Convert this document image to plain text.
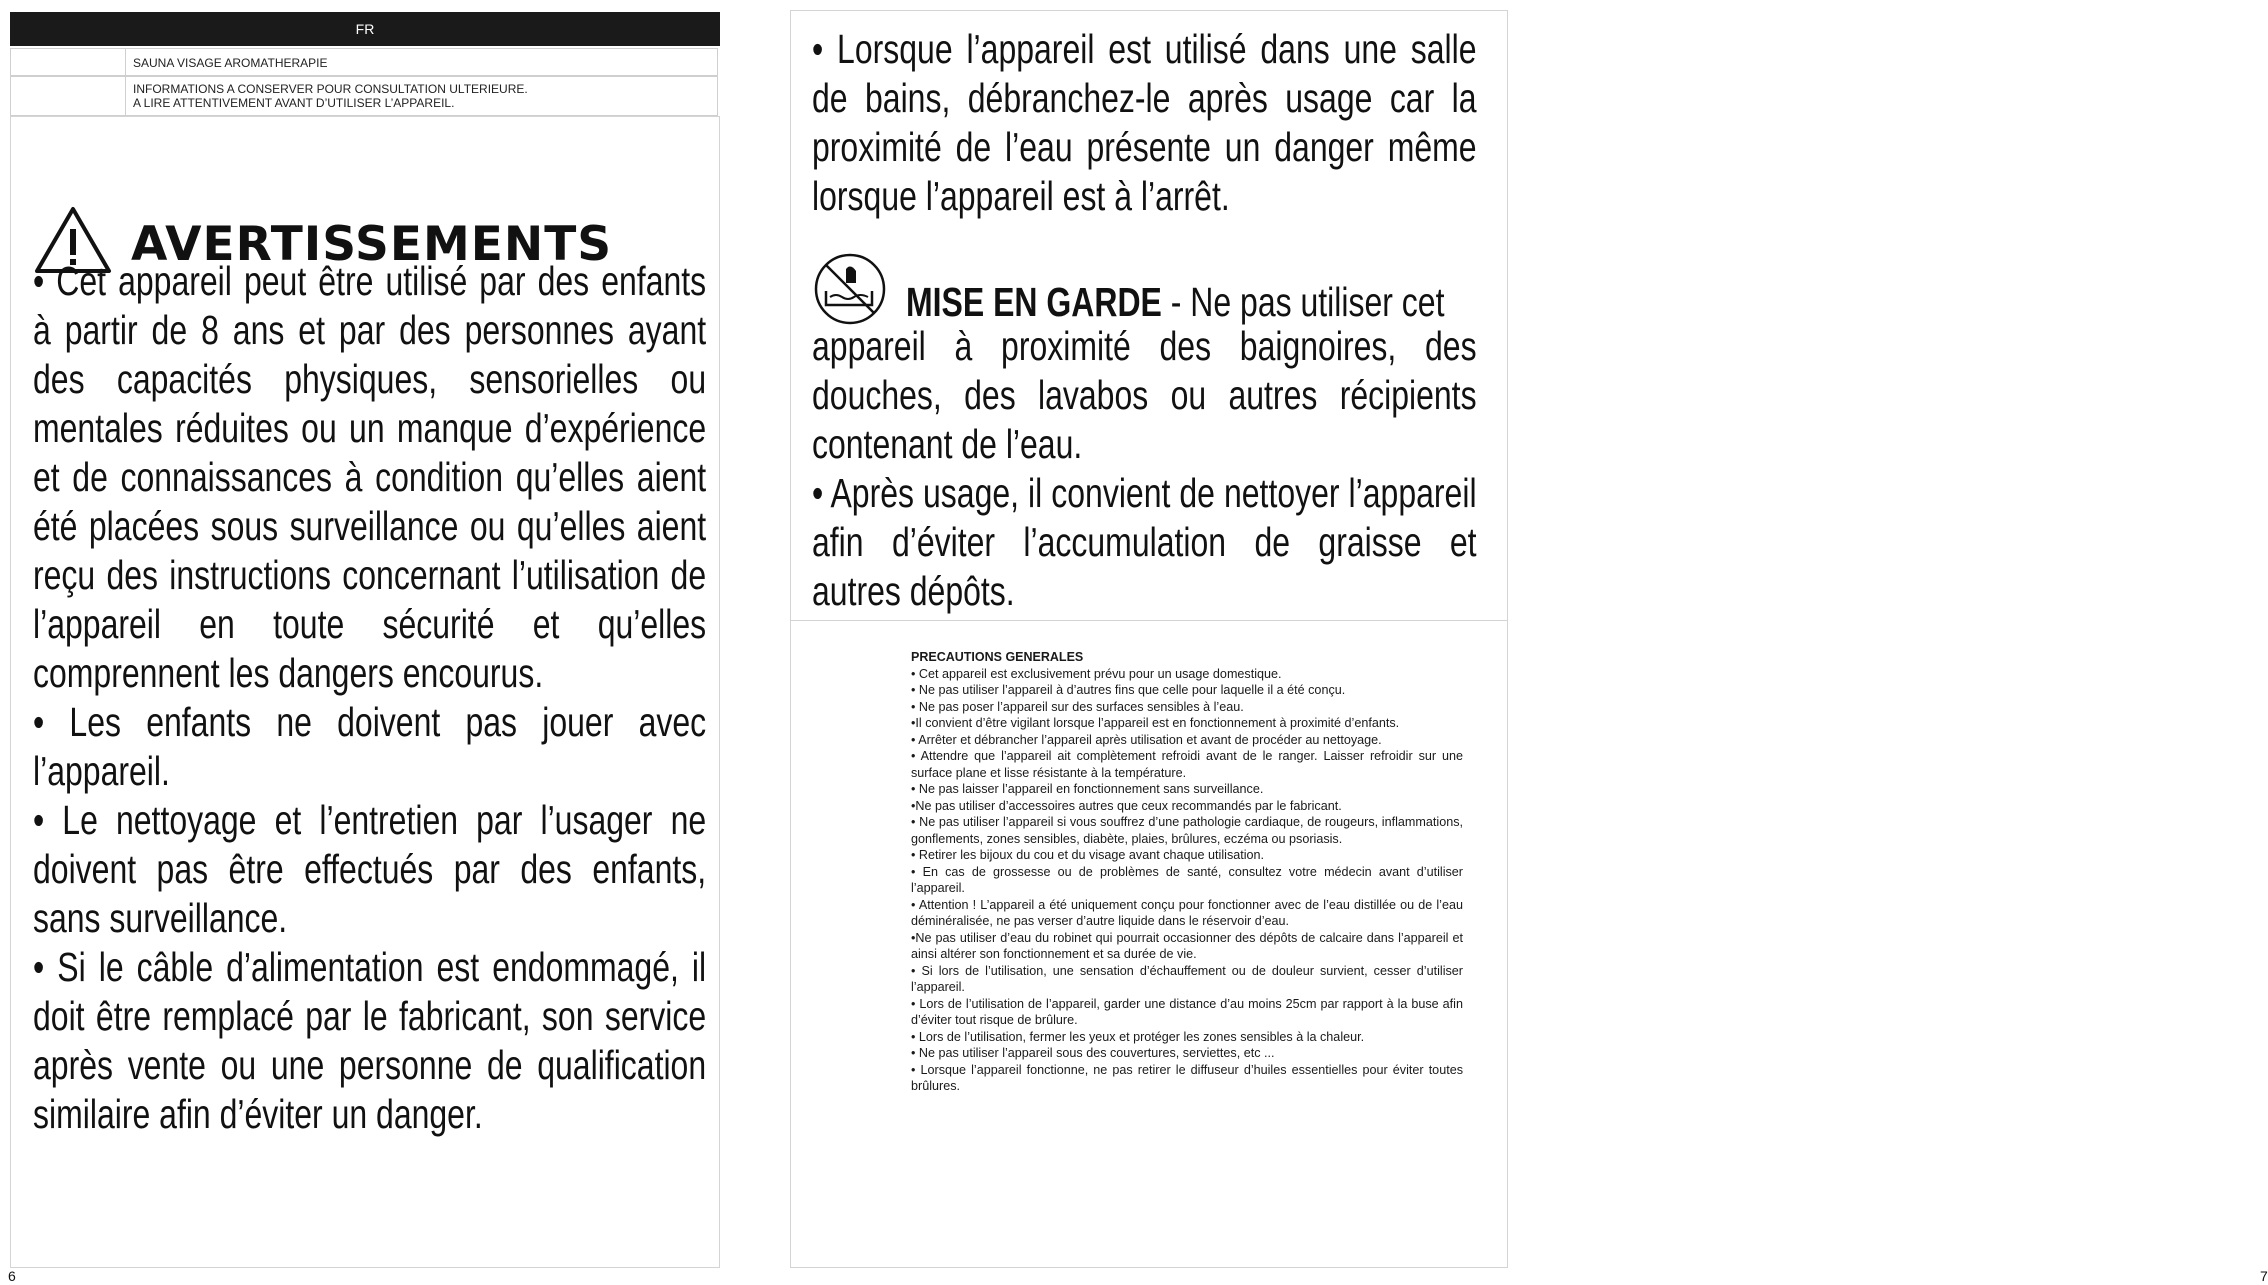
FR
SAUNA VISAGE AROMATHERAPIE
INFORMATIONS A CONSERVER POUR CONSULTATION ULTERIEURE.
A LIRE ATTENTIVEMENT AVANT D’UTILISER L’APPAREIL.
AVERTISSEMENTS

• Cet appareil peut être utilisé par des enfants à partir de 8 ans et par des personnes ayant des capacités physiques, sensorielles ou mentales réduites ou un manque d’expérience et de connaissances à condition qu’elles aient été placées sous surveillance ou qu’elles aient reçu des instructions concernant l’utilisation de l’appareil en toute sécurité et qu’elles comprennent les dangers encourus.

• Les enfants ne doivent pas jouer avec l’appareil.

• Le nettoyage et l’entretien par l’usager ne doivent pas être effectués par des enfants, sans surveillance.

• Si le câble d’alimentation est endommagé, il doit être remplacé par le fabricant, son service après vente ou une personne de qualification similaire afin d’éviter un danger.

6

• Lorsque l’appareil est utilisé dans une salle de bains, débranchez-le après usage car la proximité de l’eau présente un danger même lorsque l’appareil est à l’arrêt.

MISE EN GARDE - Ne pas utiliser cet

appareil à proximité des baignoires, des douches, des lavabos ou autres récipients contenant de l’eau.

• Après usage, il convient de nettoyer l’appareil afin d’éviter l’accumulation de graisse et autres dépôts.

PRECAUTIONS GENERALES
• Cet appareil est exclusivement prévu pour un usage domestique.
• Ne pas utiliser l’appareil à d’autres fins que celle pour laquelle il a été conçu.
• Ne pas poser l’appareil sur des surfaces sensibles à l’eau.
•Il convient d’être vigilant lorsque l’appareil est en fonctionnement à proximité d’enfants.
• Arrêter et débrancher l’appareil après utilisation et avant de procéder au nettoyage.
• Attendre que l’appareil ait complètement refroidi avant de le ranger. Laisser refroidir sur une surface plane et lisse résistante à la température.
• Ne pas laisser l’appareil en fonctionnement sans surveillance.
•Ne pas utiliser d’accessoires autres que ceux recommandés par le fabricant.
• Ne pas utiliser l’appareil si vous souffrez d’une pathologie cardiaque, de rougeurs, inflammations, gonflements, zones sensibles, diabète, plaies, brûlures, eczéma ou psoriasis.
• Retirer les bijoux du cou et du visage avant chaque utilisation.
• En cas de grossesse ou de problèmes de santé, consultez votre médecin avant d’utiliser l’appareil.
• Attention ! L’appareil a été uniquement conçu pour fonctionner avec de l’eau distillée ou de l’eau déminéralisée, ne pas verser d’autre liquide dans le réservoir d’eau.
•Ne pas utiliser d’eau du robinet qui pourrait occasionner des dépôts de calcaire dans l’appareil et ainsi altérer son fonctionnement et sa durée de vie.
• Si lors de l’utilisation, une sensation d’échauffement ou de douleur survient, cesser d’utiliser l’appareil.
• Lors de l’utilisation de l’appareil, garder une distance d’au moins 25cm par rapport à la buse afin d’éviter tout risque de brûlure.
• Lors de l’utilisation, fermer les yeux et protéger les zones sensibles à la chaleur.
• Ne pas utiliser l’appareil sous des couvertures, serviettes, etc ...
• Lorsque l’appareil fonctionne, ne pas retirer le diffuseur d’huiles essentielles pour éviter toutes brûlures.
7
